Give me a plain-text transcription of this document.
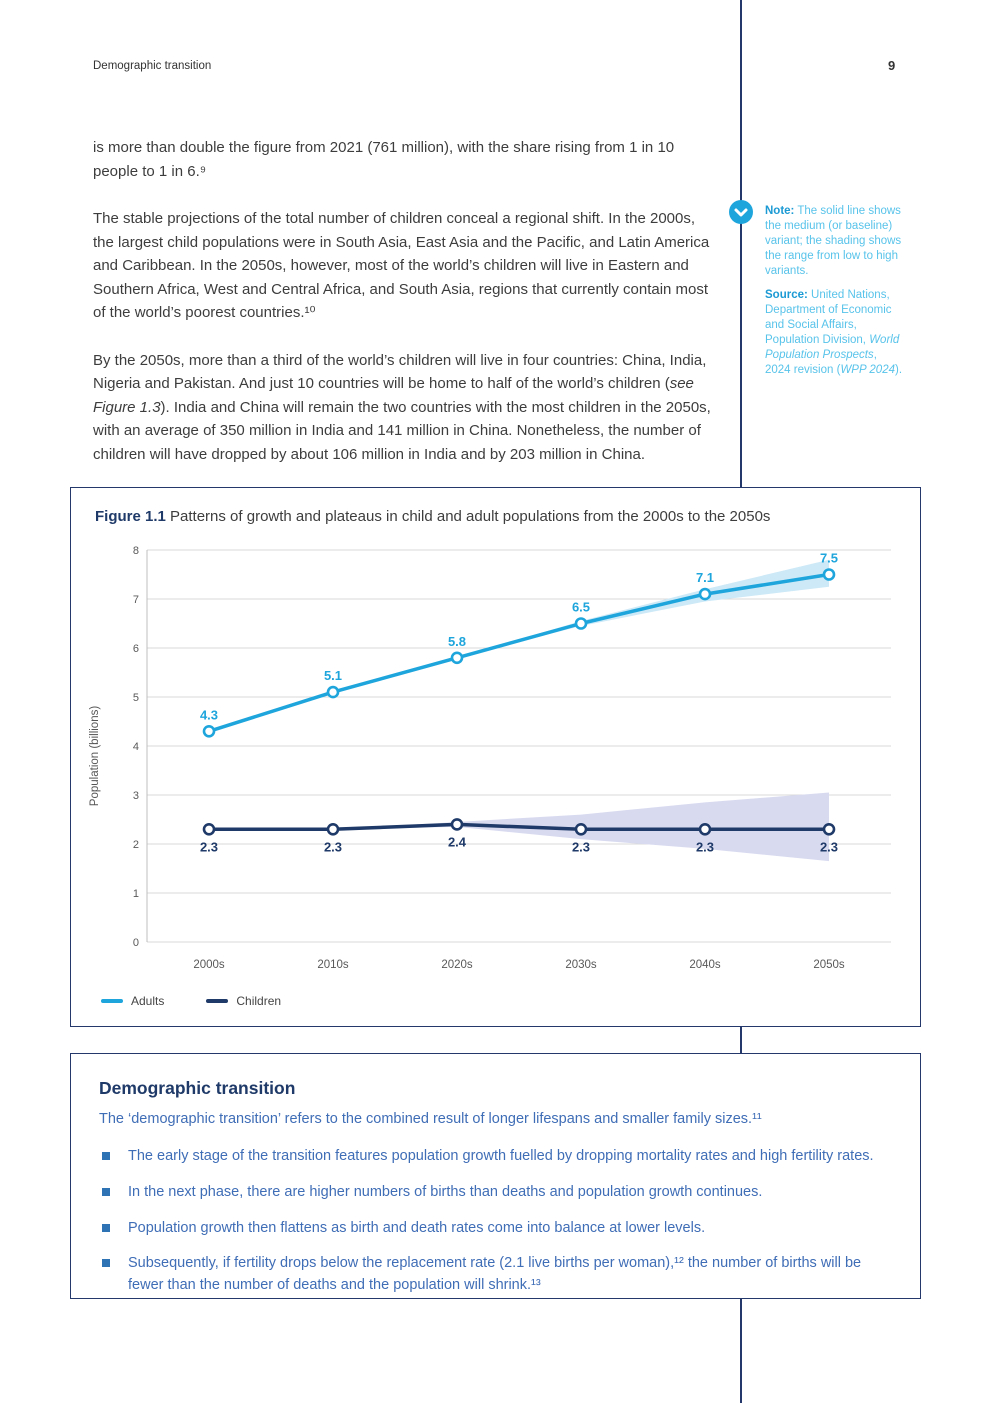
Demographic transition	9

is more than double the figure from 2021 (761 million), with the share rising from 1 in 10 people to 1 in 6.⁹

The stable projections of the total number of children conceal a regional shift. In the 2000s, the largest child populations were in South Asia, East Asia and the Pacific, and Latin America and Caribbean. In the 2050s, however, most of the world’s children will live in Eastern and Southern Africa, West and Central Africa, and South Asia, regions that currently contain most of the world’s poorest countries.¹⁰

By the 2050s, more than a third of the world’s children will live in four countries: China, India, Nigeria and Pakistan. And just 10 countries will be home to half of the world’s children (see Figure 1.3). India and China will remain the two countries with the most children in the 2050s, with an average of 350 million in India and 141 million in China. Nonetheless, the number of children will have dropped by about 106 million in India and by 203 million in China.

Note: The solid line shows the medium (or baseline) variant; the shading shows the range from low to high variants.

Source: United Nations, Department of Economic and Social Affairs, Population Division, World Population Prospects, 2024 revision (WPP 2024).

Figure 1.1 Patterns of growth and plateaus in child and adult populations from the 2000s to the 2050s
Population (billions)
0
1
2
3
4
5
6
7
8
4.3
5.1
5.8
6.5
7.1
7.5
2.3	2.3	2.4	2.3	2.3	2.3
2000s	2010s	2020s	2030s	2040s	2050s
Adults	Children
Demographic transition

The ‘demographic transition’ refers to the combined result of longer lifespans and smaller family sizes.¹¹

The early stage of the transition features population growth fuelled by dropping mortality rates and high fertility rates.
In the next phase, there are higher numbers of births than deaths and population growth continues.
Population growth then flattens as birth and death rates come into balance at lower levels.
Subsequently, if fertility drops below the replacement rate (2.1 live births per woman),¹² the number of births will be fewer than the number of deaths and the population will shrink.¹³
